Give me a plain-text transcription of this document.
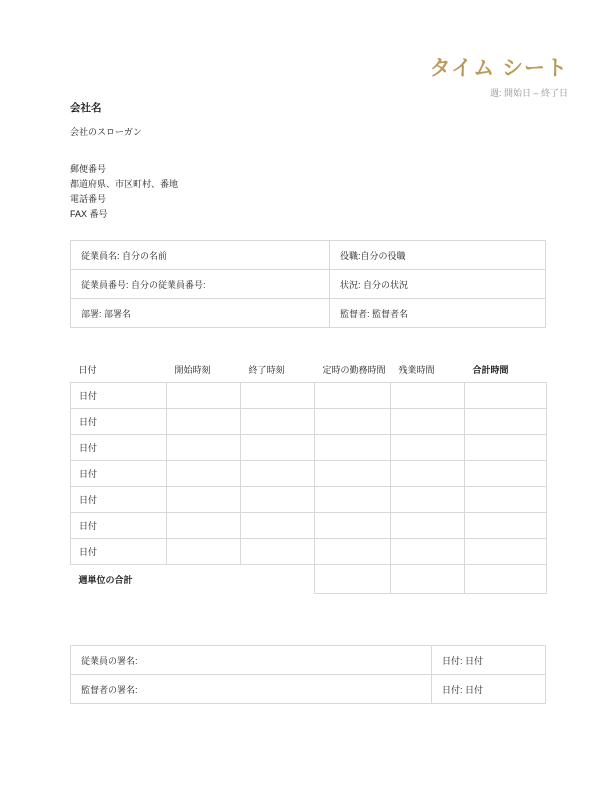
タイム シート
週: 開始日 – 終了日
会社名
会社のスローガン
郵便番号
都道府県、市区町村、番地
電話番号
FAX 番号
従業員名: 自分の名前	役職:自分の役職
従業員番号: 自分の従業員番号:	状況: 自分の状況
部署: 部署名	監督者: 監督者名
日付	開始時刻	終了時刻	定時の勤務時間	残業時間	合計時間
日付					
日付					
日付					
日付					
日付					
日付					
日付					
週単位の合計					
従業員の署名:	日付: 日付
監督者の署名:	日付: 日付
